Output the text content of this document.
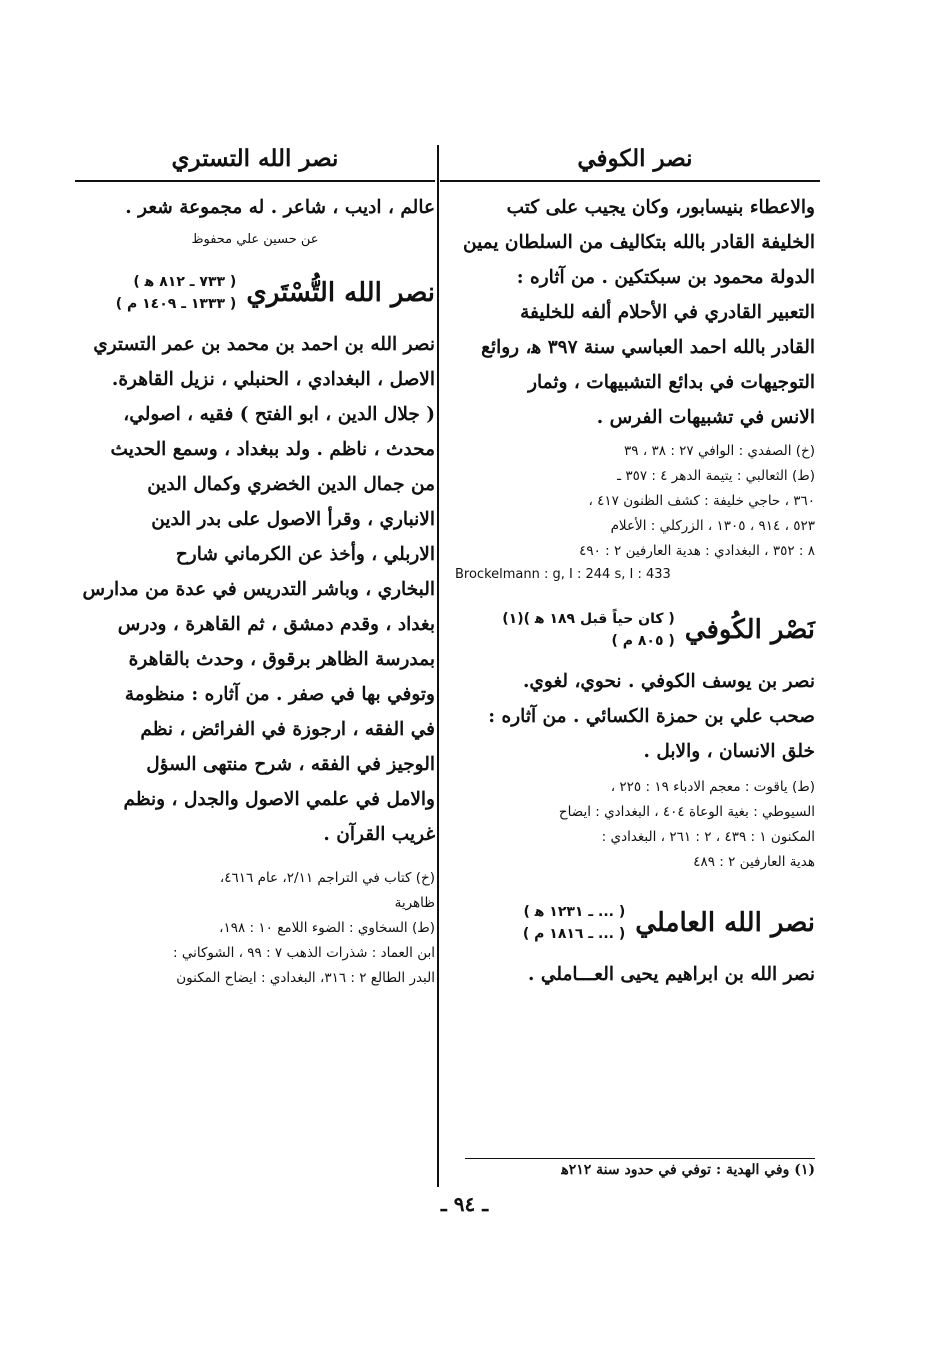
نصر الكوفي

والاعطاء بنيسابور، وكان يجيب على كتب

الخليفة القادر بالله بتكاليف من السلطان يمين

الدولة محمود بن سبكتكين . من آثاره :

التعبير القادري في الأحلام ألفه للخليفة

القادر بالله احمد العباسي سنة ٣٩٧ ﻫ، روائع

التوجيهات في بدائع التشبيهات ، وثمار

الانس في تشبيهات الفرس .

(خ) الصفدي : الوافي ٢٧ : ٣٨ ، ٣٩

(ط) الثعالبي : يتيمة الدهر ٤ : ٣٥٧ ـ

٣٦٠ ، حاجي خليفة : كشف الظنون ٤١٧ ،

٥٢٣ ، ٩١٤ ، ١٣٠٥ ، الزركلي : الأعلام

٨ : ٣٥٢ ، البغدادي : هدية العارفين ٢ : ٤٩٠

Brockelmann : g, I : 244 s, I : 433

نَصْر الكُوفي
( كان حياً قبل ١٨٩ ﻫ )(١)
( ٨٠٥ م )

نصر بن يوسف الكوفي . نحوي، لغوي.

صحب علي بن حمزة الكسائي . من آثاره :

خلق الانسان ، والابل .

(ط) ياقوت : معجم الادباء ١٩ : ٢٢٥ ،

السيوطي : بغية الوعاة ٤٠٤ ، البغدادي : ايضاح

المكنون ١ : ٤٣٩ ، ٢ : ٢٦١ ، البغدادي :

هدية العارفين ٢ : ٤٨٩

نصر الله العاملي
( ... ـ ١٢٣١ ﻫ )
( ... ـ ١٨١٦ م )

نصر الله بن ابراهيم يحيى العـــاملي .

(١) وفي الهدية : توفي في حدود سنة ٢١٢ﻫ
نصر الله التستري

عالم ، اديب ، شاعر . له مجموعة شعر .

عن حسين علي محفوظ

نصر الله التُّسْتَري
( ٧٣٣ ـ ٨١٢ ﻫ )
( ١٣٣٣ ـ ١٤٠٩ م )

نصر الله بن احمد بن محمد بن عمر التستري

الاصل ، البغدادي ، الحنبلي ، نزيل القاهرة.

( جلال الدين ، ابو الفتح ) فقيه ، اصولي،

محدث ، ناظم . ولد ببغداد ، وسمع الحديث

من جمال الدين الخضري وكمال الدين

الانباري ، وقرأ الاصول على بدر الدين

الاربلي ، وأخذ عن الكرماني شارح

البخاري ، وباشر التدريس في عدة من مدارس

بغداد ، وقدم دمشق ، ثم القاهرة ، ودرس

بمدرسة الظاهر برقوق ، وحدث بالقاهرة

وتوفي بها في صفر . من آثاره : منظومة

في الفقه ، ارجوزة في الفرائض ، نظم

الوجيز في الفقه ، شرح منتهى السؤل

والامل في علمي الاصول والجدل ، ونظم

غريب القرآن .

(خ) كتاب في التراجم ٢/١١، عام ٤٦١٦،

ظاهرية

(ط) السخاوي : الضوء اللامع ١٠ : ١٩٨،

ابن العماد : شذرات الذهب ٧ : ٩٩ ، الشوكاني :

البدر الطالع ٢ : ٣١٦، البغدادي : ايضاح المكنون

ـ ٩٤ ـ
